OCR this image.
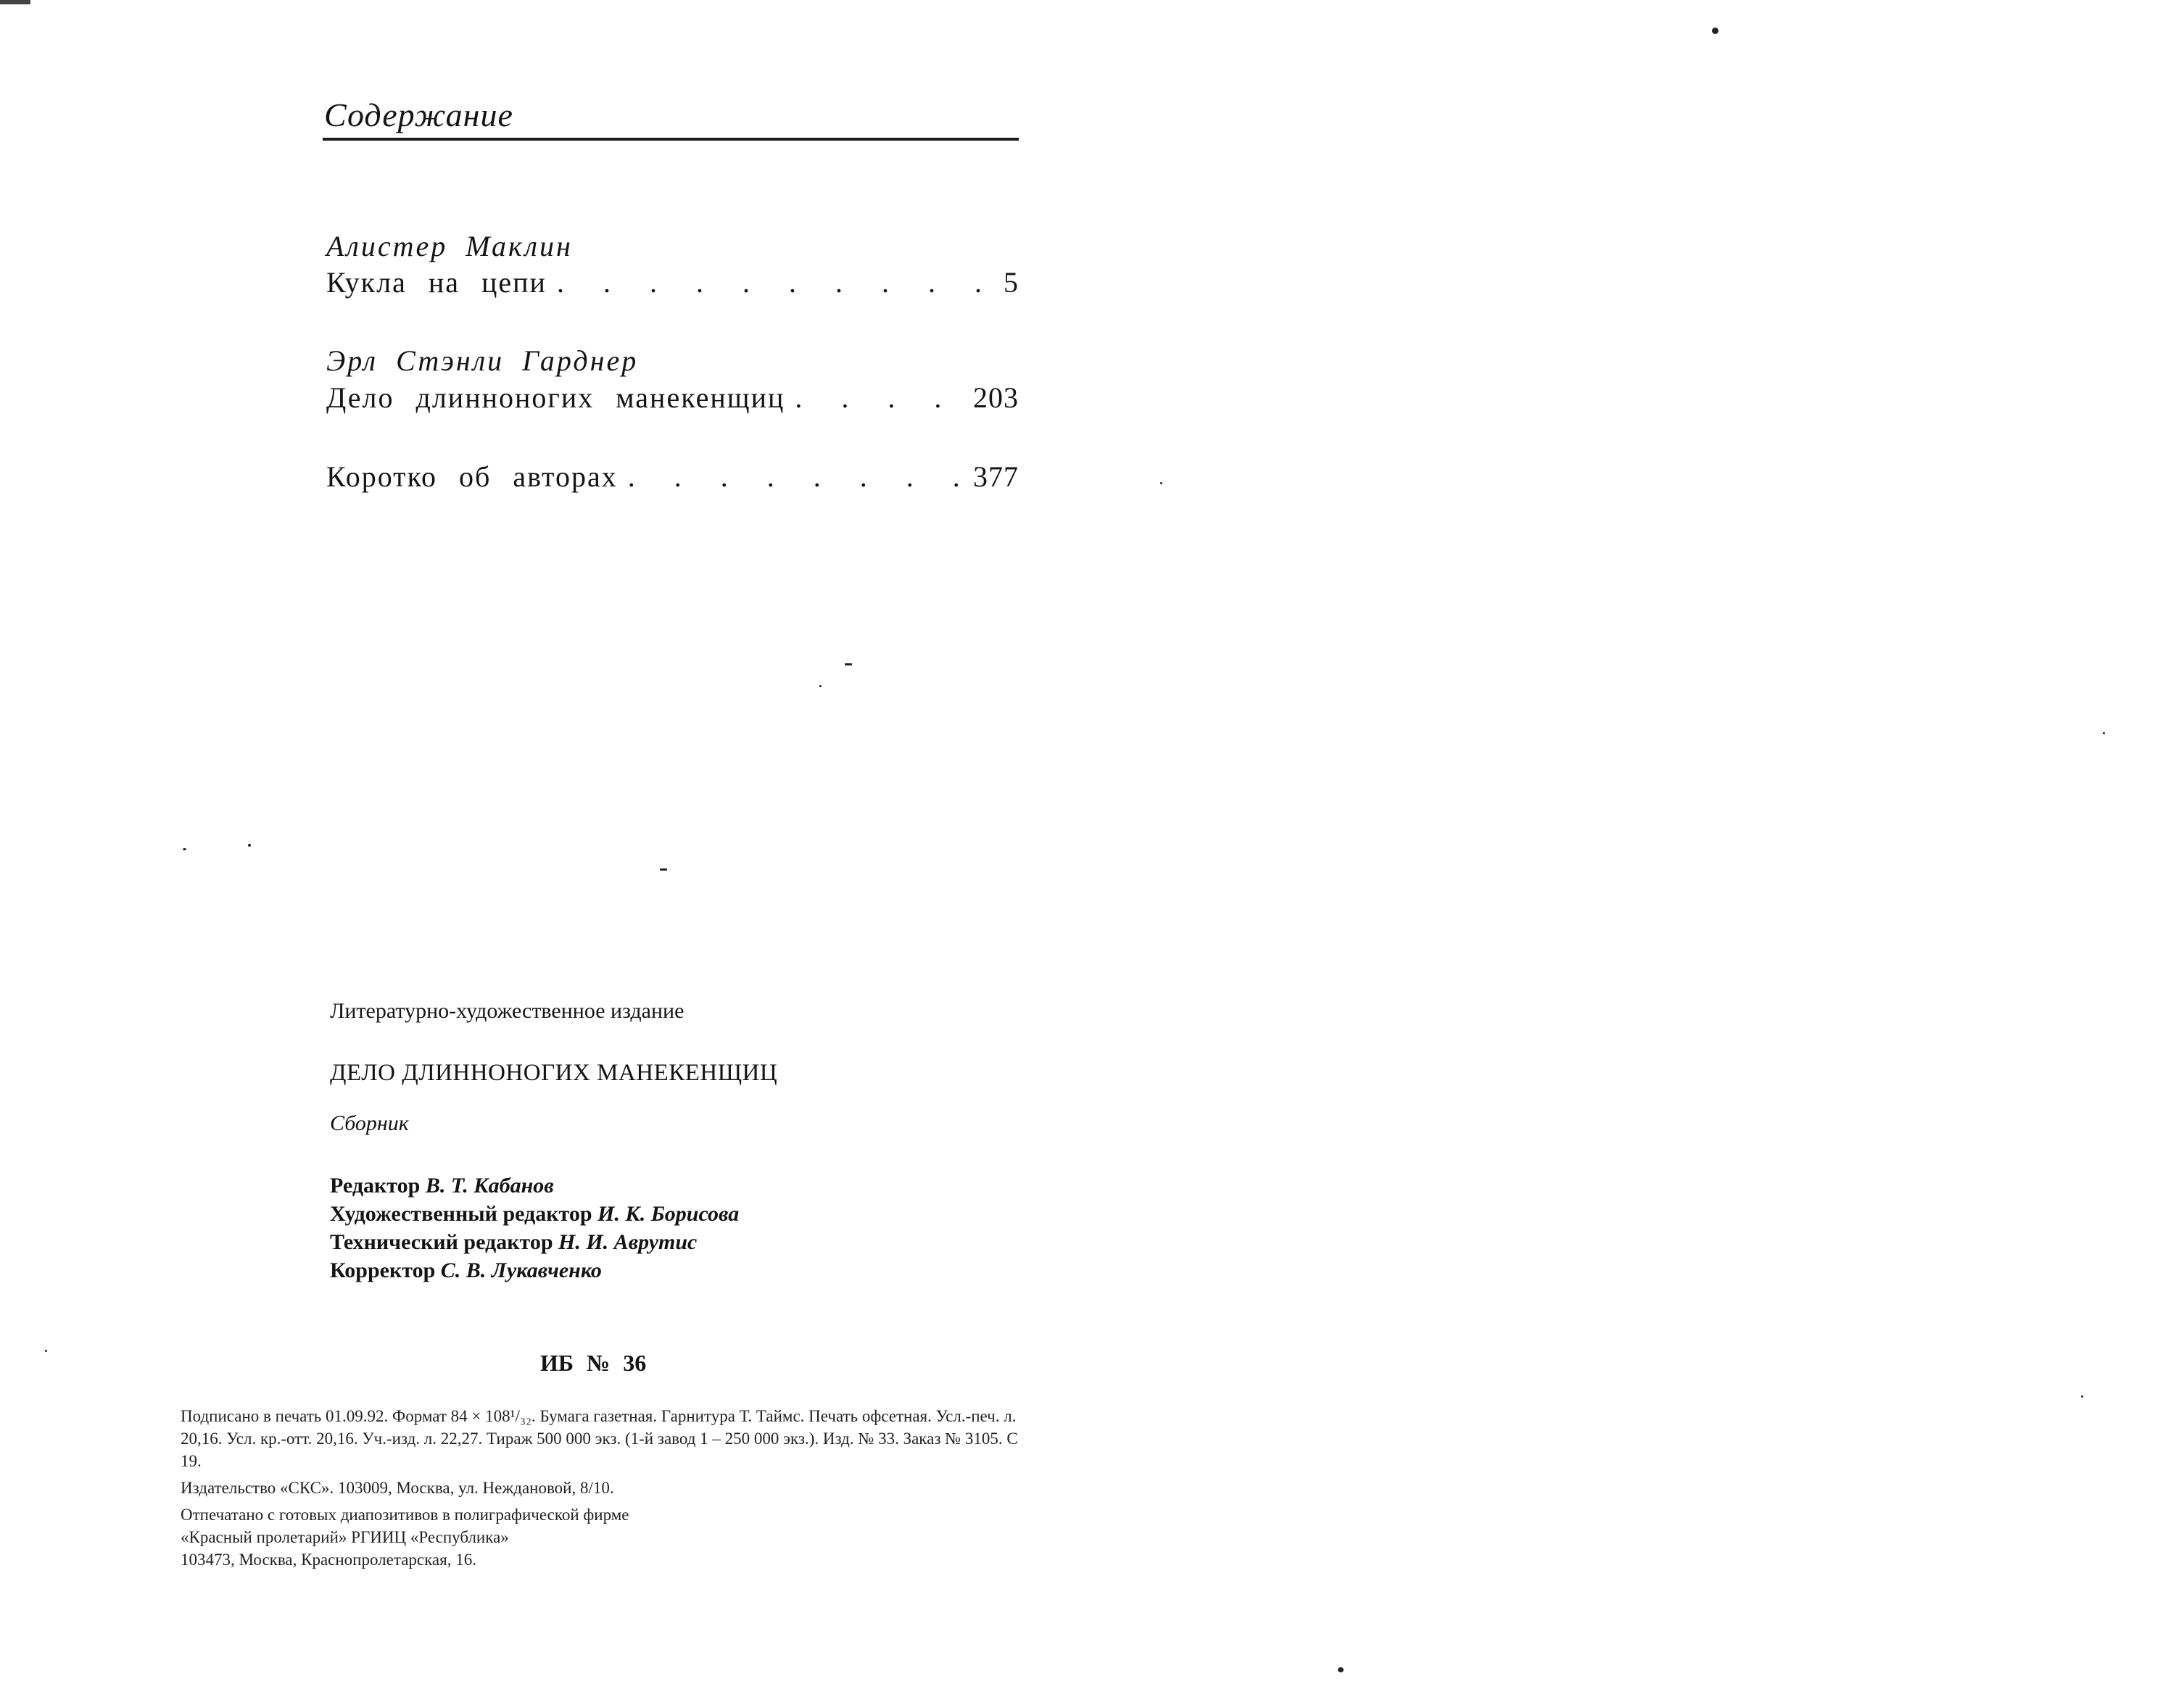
Содержание
Алистер Маклин
Кукла на цепи . . .	5
Эрл Стэнли Гарднер
Дело длинноногих манекенщиц . . .	203
Коротко об авторах . . .	377
Литературно-художественное издание
ДЕЛО ДЛИННОНОГИХ МАНЕКЕНЩИЦ
Сборник
Редактор В. Т. Кабанов
Художественный редактор И. К. Борисова
Технический редактор Н. И. Аврутис
Корректор С. В. Лукавченко
ИБ № 36

Подписано в печать 01.09.92. Формат 84 × 108¹/₃₂. Бумага газетная. Гарнитура Т. Таймс. Печать офсетная. Усл.-печ. л. 20,16. Усл. кр.-отт. 20,16. Уч.-изд. л. 22,27. Тираж 500 000 экз. (1-й завод 1 – 250 000 экз.). Изд. № 33. Заказ № 3105. С 19.

Издательство «СКС». 103009, Москва, ул. Неждановой, 8/10.

Отпечатано с готовых диапозитивов в полиграфической фирме

«Красный пролетарий» РГИИЦ «Республика»

103473, Москва, Краснопролетарская, 16.
